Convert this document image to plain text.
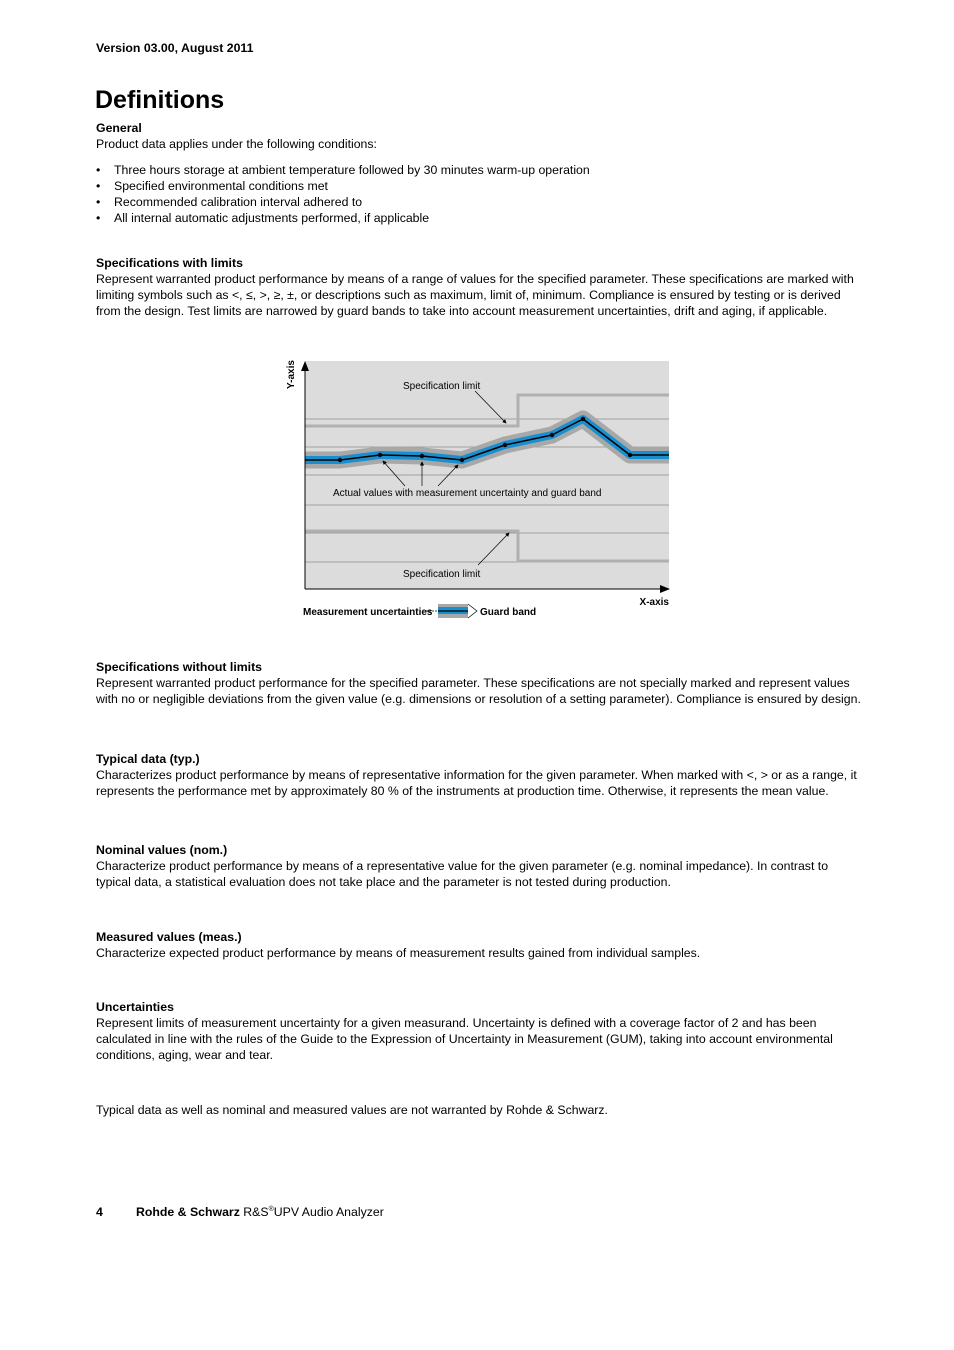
Version 03.00, August 2011
Definitions
General

Product data applies under the following conditions:

• Three hours storage at ambient temperature followed by 30 minutes warm-up operation
• Specified environmental conditions met
• Recommended calibration interval adhered to
• All internal automatic adjustments performed, if applicable
Specifications with limits

Represent warranted product performance by means of a range of values for the specified parameter. These specifications are marked with limiting symbols such as <, ≤, >, ≥, ±, or descriptions such as maximum, limit of, minimum. Compliance is ensured by testing or is derived from the design. Test limits are narrowed by guard bands to take into account measurement uncertainties, drift and aging, if applicable.

Y-axis
X-axis
Specification limit
Specification limit
Actual values with measurement uncertainty and guard band
Measurement uncertainties	Guard band
Specifications without limits

Represent warranted product performance for the specified parameter. These specifications are not specially marked and represent values with no or negligible deviations from the given value (e.g. dimensions or resolution of a setting parameter). Compliance is ensured by design.

Typical data (typ.)

Characterizes product performance by means of representative information for the given parameter. When marked with <, > or as a range, it represents the performance met by approximately 80 % of the instruments at production time. Otherwise, it represents the mean value.

Nominal values (nom.)

Characterize product performance by means of a representative value for the given parameter (e.g. nominal impedance). In contrast to typical data, a statistical evaluation does not take place and the parameter is not tested during production.

Measured values (meas.)

Characterize expected product performance by means of measurement results gained from individual samples.

Uncertainties

Represent limits of measurement uncertainty for a given measurand. Uncertainty is defined with a coverage factor of 2 and has been calculated in line with the rules of the Guide to the Expression of Uncertainty in Measurement (GUM), taking into account environmental conditions, aging, wear and tear.

Typical data as well as nominal and measured values are not warranted by Rohde & Schwarz.

4	Rohde & Schwarz R&S®UPV Audio Analyzer
